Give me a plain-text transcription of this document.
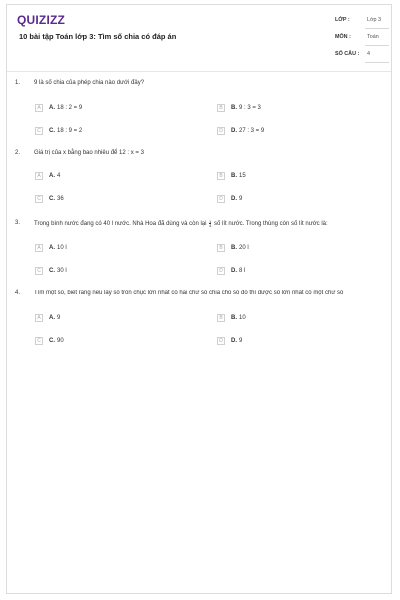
QUIZIZZ
10 bài tập Toán lớp 3: Tìm số chia có đáp án
LỚP :	Lớp 3
MÔN :	Toán
SỐ CÂU : 4
1. 9 là số chia của phép chia nào dưới đây?
A	A. 18 : 2 = 9	B	B. 9 : 3 = 3
C	C. 18 : 9 = 2	D	D. 27 : 3 = 9
2. Giá trị của x bằng bao nhiêu để 12 : x = 3
A	A. 4	B	B. 15
C	C. 36	D	D. 9
3. Trong bình nước đang có 40 l nước. Nhà Hoa đã dùng và còn lại $\frac{1}{4}$ số lít nước. Trong thùng còn số lít nước là:
A	A. 10 l	B	B. 20 l
C	C. 30 l	D	D. 8 l
4. Tìm một số, biết rằng nếu lấy số tròn chục lớn nhất có hai chữ số chia cho số đó thì được số lớn nhất có một chữ số
A	A. 9	B	B. 10
C	C. 90	D	D. 9
